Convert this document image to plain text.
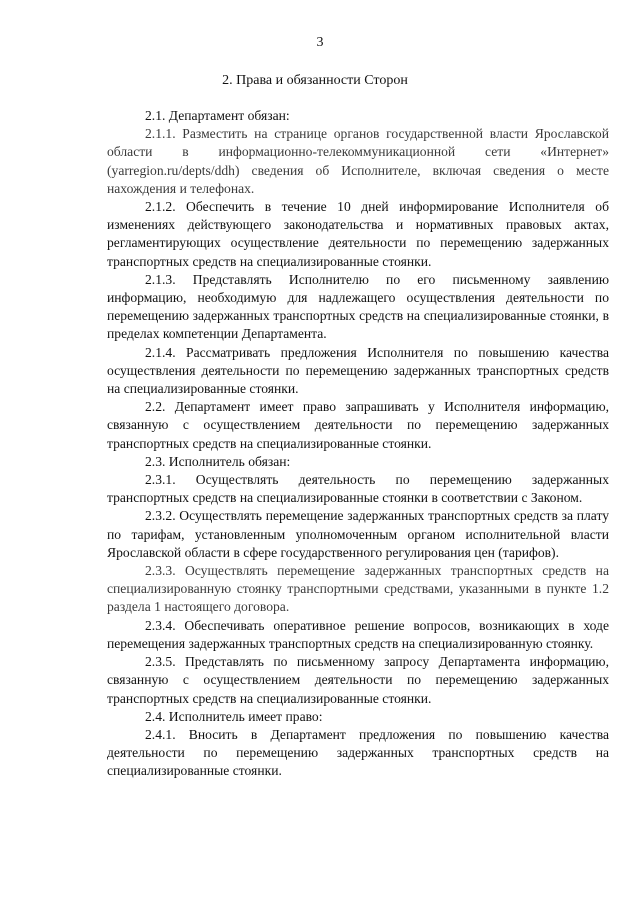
3
2. Права и обязанности Сторон

2.1. Департамент обязан:

2.1.1. Разместить на странице органов государственной власти Ярославской области в информационно-телекоммуникационной сети «Интернет» (yarregion.ru/depts/ddh) сведения об Исполнителе, включая сведения о месте нахождения и телефонах.

2.1.2. Обеспечить в течение 10 дней информирование Исполнителя об изменениях действующего законодательства и нормативных правовых актах, регламентирующих осуществление деятельности по перемещению задержанных транспортных средств на специализированные стоянки.

2.1.3. Представлять Исполнителю по его письменному заявлению информацию, необходимую для надлежащего осуществления деятельности по перемещению задержанных транспортных средств на специализированные стоянки, в пределах компетенции Департамента.

2.1.4. Рассматривать предложения Исполнителя по повышению качества осуществления деятельности по перемещению задержанных транспортных средств на специализированные стоянки.

2.2. Департамент имеет право запрашивать у Исполнителя информацию, связанную с осуществлением деятельности по перемещению задержанных транспортных средств на специализированные стоянки.

2.3. Исполнитель обязан:

2.3.1. Осуществлять деятельность по перемещению задержанных транспортных средств на специализированные стоянки в соответствии с Законом.

2.3.2. Осуществлять перемещение задержанных транспортных средств за плату по тарифам, установленным уполномоченным органом исполнительной власти Ярославской области в сфере государственного регулирования цен (тарифов).

2.3.3. Осуществлять перемещение задержанных транспортных средств на специализированную стоянку транспортными средствами, указанными в пункте 1.2 раздела 1 настоящего договора.

2.3.4. Обеспечивать оперативное решение вопросов, возникающих в ходе перемещения задержанных транспортных средств на специализированную стоянку.

2.3.5. Представлять по письменному запросу Департамента информацию, связанную с осуществлением деятельности по перемещению задержанных транспортных средств на специализированные стоянки.

2.4. Исполнитель имеет право:

2.4.1. Вносить в Департамент предложения по повышению качества деятельности по перемещению задержанных транспортных средств на специализированные стоянки.
